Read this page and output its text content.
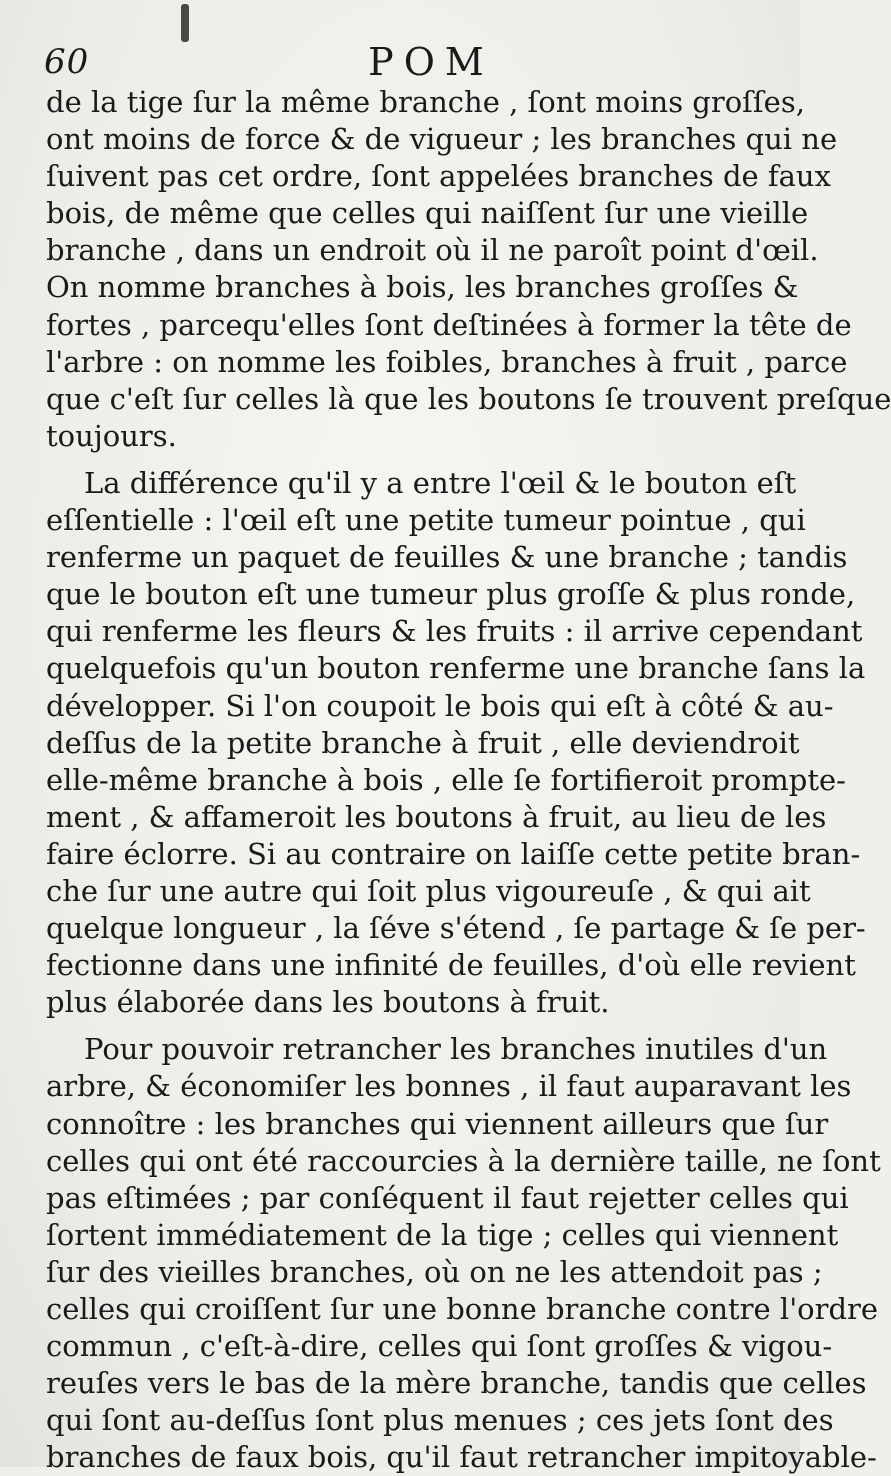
60	POM
de la tige ſur la même branche , ſont moins groſſes,
ont moins de force & de vigueur ; les branches qui ne
ſuivent pas cet ordre, ſont appelées branches de faux
bois, de même que celles qui naiſſent ſur une vieille
branche , dans un endroit où il ne paroît point d'œil.
On nomme branches à bois, les branches groſſes &
fortes , parcequ'elles ſont deſtinées à former la tête de
l'arbre : on nomme les foibles, branches à fruit , parce
que c'eſt ſur celles là que les boutons ſe trouvent preſque
toujours.
La différence qu'il y a entre l'œil & le bouton eſt
eſſentielle : l'œil eſt une petite tumeur pointue , qui
renferme un paquet de feuilles & une branche ; tandis
que le bouton eſt une tumeur plus groſſe & plus ronde,
qui renferme les fleurs & les fruits : il arrive cependant
quelquefois qu'un bouton renferme une branche ſans la
développer. Si l'on coupoit le bois qui eſt à côté & au-
deſſus de la petite branche à fruit , elle deviendroit
elle-même branche à bois , elle ſe fortifieroit promptе-
ment , & affameroit les boutons à fruit, au lieu de les
faire éclorre. Si au contraire on laiſſe cette petite bran-
che ſur une autre qui ſoit plus vigoureuſe , & qui ait
quelque longueur , la ſéve s'étend , ſe partage & ſe per-
fectionne dans une infinité de feuilles, d'où elle revient
plus élaborée dans les boutons à fruit.
Pour pouvoir retrancher les branches inutiles d'un
arbre, & économiſer les bonnes , il faut auparavant les
connoître : les branches qui viennent ailleurs que ſur
celles qui ont été raccourcies à la dernière taille, ne ſont
pas eſtimées ; par conſéquent il faut rejetter celles qui
ſortent immédiatement de la tige ; celles qui viennent
ſur des vieilles branches, où on ne les attendoit pas ;
celles qui croiſſent ſur une bonne branche contre l'ordre
commun , c'eſt-à-dire, celles qui ſont groſſes & vigou-
reuſes vers le bas de la mère branche, tandis que celles
qui ſont au-deſſus ſont plus menues ; ces jets ſont des
branches de faux bois, qu'il faut retrancher impitoyable-
